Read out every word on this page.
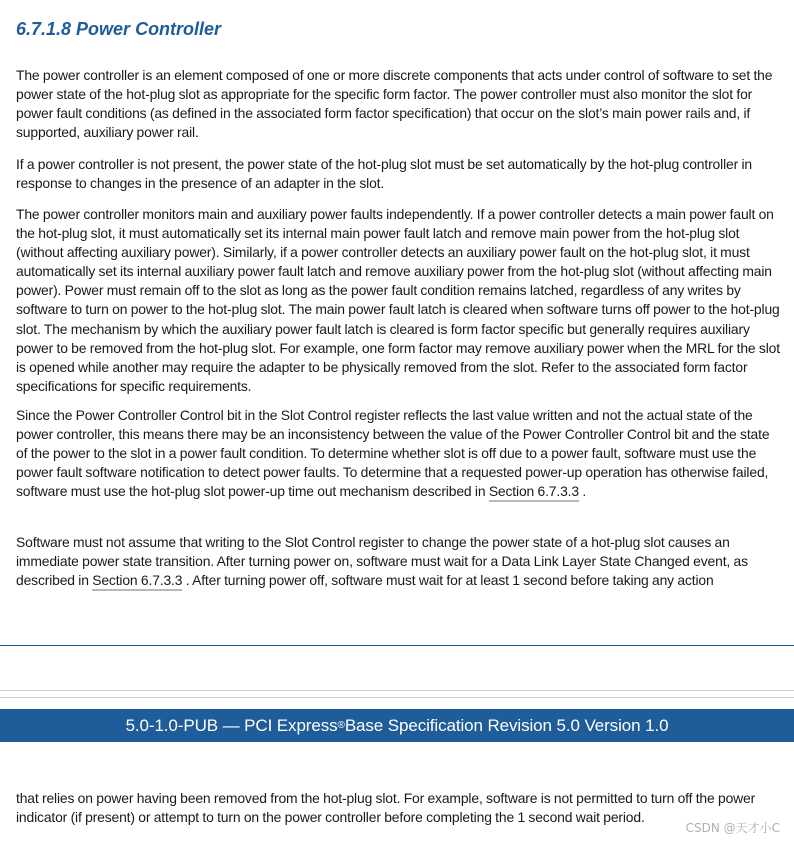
6.7.1.8 Power Controller

The power controller is an element composed of one or more discrete components that acts under control of software to set the power state of the hot-plug slot as appropriate for the specific form factor. The power controller must also monitor the slot for power fault conditions (as defined in the associated form factor specification) that occur on the slot’s main power rails and, if supported, auxiliary power rail.

If a power controller is not present, the power state of the hot-plug slot must be set automatically by the hot-plug controller in response to changes in the presence of an adapter in the slot.

The power controller monitors main and auxiliary power faults independently. If a power controller detects a main power fault on the hot-plug slot, it must automatically set its internal main power fault latch and remove main power from the hot-plug slot (without affecting auxiliary power). Similarly, if a power controller detects an auxiliary power fault on the hot-plug slot, it must automatically set its internal auxiliary power fault latch and remove auxiliary power from the hot-plug slot (without affecting main power). Power must remain off to the slot as long as the power fault condition remains latched, regardless of any writes by software to turn on power to the hot-plug slot. The main power fault latch is cleared when software turns off power to the hot-plug slot. The mechanism by which the auxiliary power fault latch is cleared is form factor specific but generally requires auxiliary power to be removed from the hot-plug slot. For example, one form factor may remove auxiliary power when the MRL for the slot is opened while another may require the adapter to be physically removed from the slot. Refer to the associated form factor specifications for specific requirements.

Since the Power Controller Control bit in the Slot Control register reflects the last value written and not the actual state of the power controller, this means there may be an inconsistency between the value of the Power Controller Control bit and the state of the power to the slot in a power fault condition. To determine whether slot is off due to a power fault, software must use the power fault software notification to detect power faults. To determine that a requested power-up operation has otherwise failed, software must use the hot-plug slot power-up time out mechanism described in Section 6.7.3.3 .

Software must not assume that writing to the Slot Control register to change the power state of a hot-plug slot causes an immediate power state transition. After turning power on, software must wait for a Data Link Layer State Changed event, as described in Section 6.7.3.3 . After turning power off, software must wait for at least 1 second before taking any action

5.0-1.0-PUB — PCI Express ® Base Specification Revision 5.0 Version 1.0

that relies on power having been removed from the hot-plug slot. For example, software is not permitted to turn off the power indicator (if present) or attempt to turn on the power controller before completing the 1 second wait period.

CSDN @天才小C
